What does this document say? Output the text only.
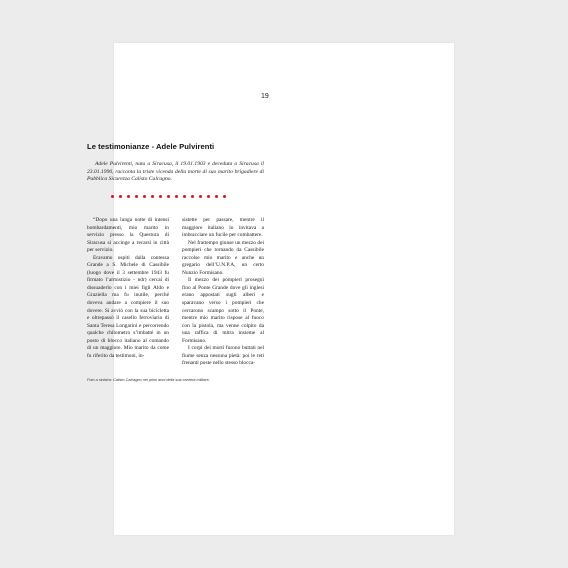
19
Le testimonianze - Adele Pulvirenti
Adele Pulvirenti, nata a Siracusa, il 19.01.1903 e deceduta a Siracusa il 23.01.1990, racconta la triste vicenda della morte di suo marito brigadiere di Pubblica Sicurezza Calisto Calcagno.

“Dopo una lunga notte di intensi bombardamenti, mio marito in servizio presso la Questura di Siracusa si accinge a recarsi in città per servizio.

Eravamo ospiti dalla contessa Grande a S. Michele di Cassibile (luogo dove il 3 settembre 1943 fu firmato l’armistizio - ndr) cercai di dissuaderlo con i miei figli Aldo e Graziella ma fu inutile, perché doveva andare a compiere il suo dovere. Si avviò con la sua bicicletta e oltrepassò il casello ferroviario di Santa Teresa Longarini e percorrendo qualche chilometro s’imbatté in un posto di blocco italiano al comando di un maggiore. Mio marito da come fu riferito da testimoni, in-

sistette per passare, mentre il maggiore italiano lo invitava a imbracciare un fucile per combattere.

Nel frattempo giunse un mezzo dei pompieri che tornando da Cassibile raccolse mio marito e anche un gregario dell’U.N.P.A, un certo Nunzio Formisano.

Il mezzo dei pompieri proseguì fino al Ponte Grande dove gli inglesi erano appostati sugli alberi e sparavano verso i pompieri che cercarono scampo sotto il Ponte, mentre mio marito rispose al fuoco con la pistola, ma venne colpito da una raffica di mitra insieme al Formisano.

I corpi dei morti furono buttati nel fiume senza nessuna pietà: poi le reti frenanti poste nello stesso blocca-

Foto a sinistra: Calisto Calcagno nei primi anni della sua carriera militare.
